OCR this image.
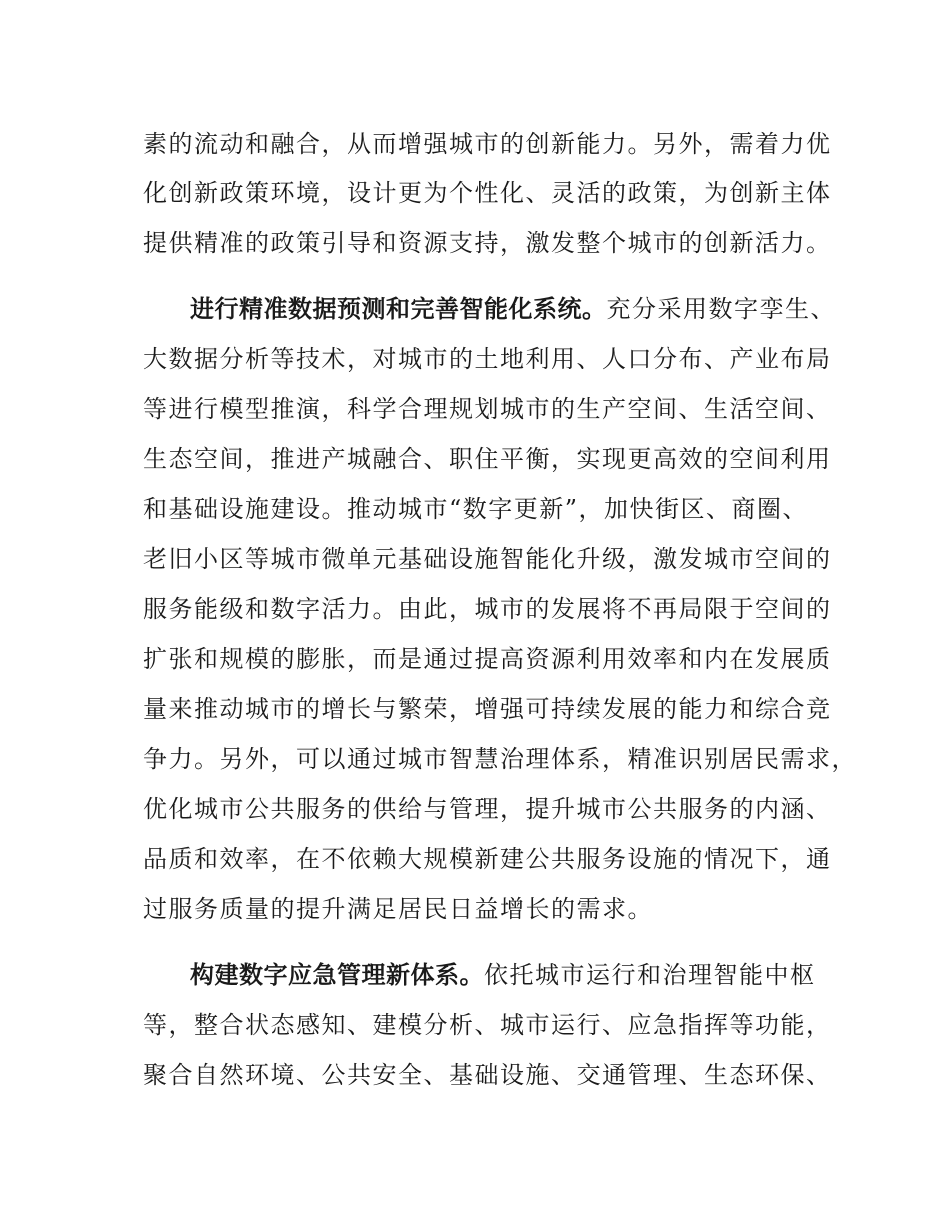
素的流动和融合，从而增强城市的创新能力。另外，需着力优
化创新政策环境，设计更为个性化、灵活的政策，为创新主体
提供精准的政策引导和资源支持，激发整个城市的创新活力。
进行精准数据预测和完善智能化系统。充分采用数字孪生、
大数据分析等技术，对城市的土地利用、人口分布、产业布局
等进行模型推演，科学合理规划城市的生产空间、生活空间、
生态空间，推进产城融合、职住平衡，实现更高效的空间利用
和基础设施建设。推动城市“数字更新”，加快街区、商圈、
老旧小区等城市微单元基础设施智能化升级，激发城市空间的
服务能级和数字活力。由此，城市的发展将不再局限于空间的
扩张和规模的膨胀，而是通过提高资源利用效率和内在发展质
量来推动城市的增长与繁荣，增强可持续发展的能力和综合竞
争力。另外，可以通过城市智慧治理体系，精准识别居民需求，
优化城市公共服务的供给与管理，提升城市公共服务的内涵、
品质和效率，在不依赖大规模新建公共服务设施的情况下，通
过服务质量的提升满足居民日益增长的需求。
构建数字应急管理新体系。依托城市运行和治理智能中枢
等，整合状态感知、建模分析、城市运行、应急指挥等功能，
聚合自然环境、公共安全、基础设施、交通管理、生态环保、
